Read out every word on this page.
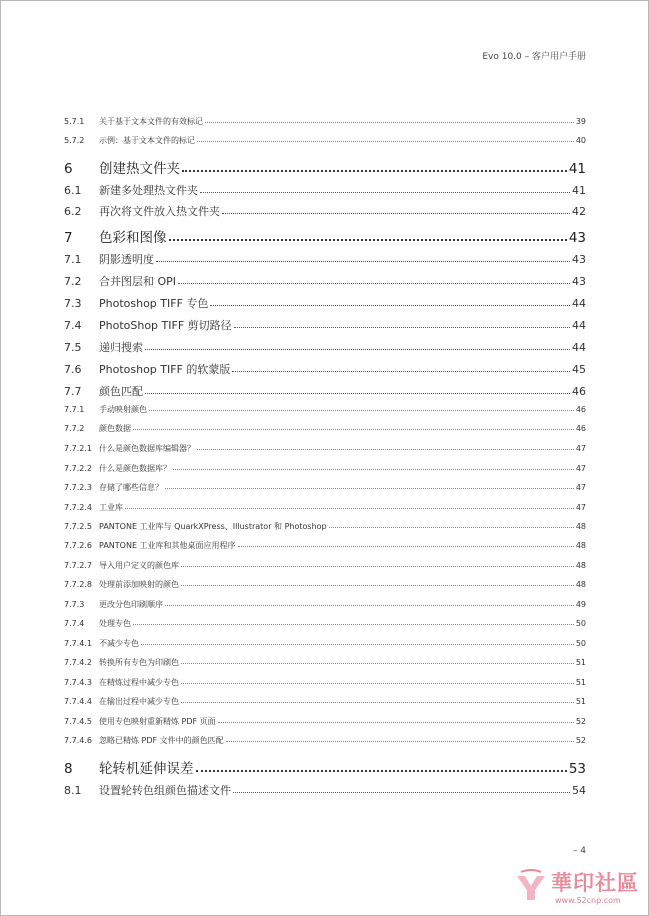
Evo 10.0 – 客户用户手册
5.7.1	关于基于文本文件的有效标记	39
5.7.2	示例：基于文本文件的标记	40
6	创建热文件夹	41
6.1	新建多处理热文件夹	41
6.2	再次将文件放入热文件夹	42
7	色彩和图像	43
7.1	阴影透明度	43
7.2	合并图层和 OPI	43
7.3	Photoshop TIFF 专色	44
7.4	PhotoShop TIFF 剪切路径	44
7.5	递归搜索	44
7.6	Photoshop TIFF 的软蒙版	45
7.7	颜色匹配	46
7.7.1	手动映射颜色	46
7.7.2	颜色数据	46
7.7.2.1 什么是颜色数据库编辑器？	47
7.7.2.2 什么是颜色数据库？	47
7.7.2.3 存储了哪些信息？	47
7.7.2.4 工业库	47
7.7.2.5 PANTONE 工业库与 QuarkXPress、Illustrator 和 Photoshop	48
7.7.2.6 PANTONE 工业库和其他桌面应用程序	48
7.7.2.7 导入用户定义的颜色库	48
7.7.2.8 处理前添加映射的颜色	48
7.7.3	更改分色印刷顺序	49
7.7.4	处理专色	50
7.7.4.1 不减少专色	50
7.7.4.2 转换所有专色为印刷色	51
7.7.4.3 在精炼过程中减少专色	51
7.7.4.4 在输出过程中减少专色	51
7.7.4.5 使用专色映射重新精炼 PDF 页面	52
7.7.4.6 忽略已精炼 PDF 文件中的颜色匹配	52
8	轮转机延伸误差	53
8.1	设置轮转色组颜色描述文件	54
– 4
華印社區
www.52cnp.com
